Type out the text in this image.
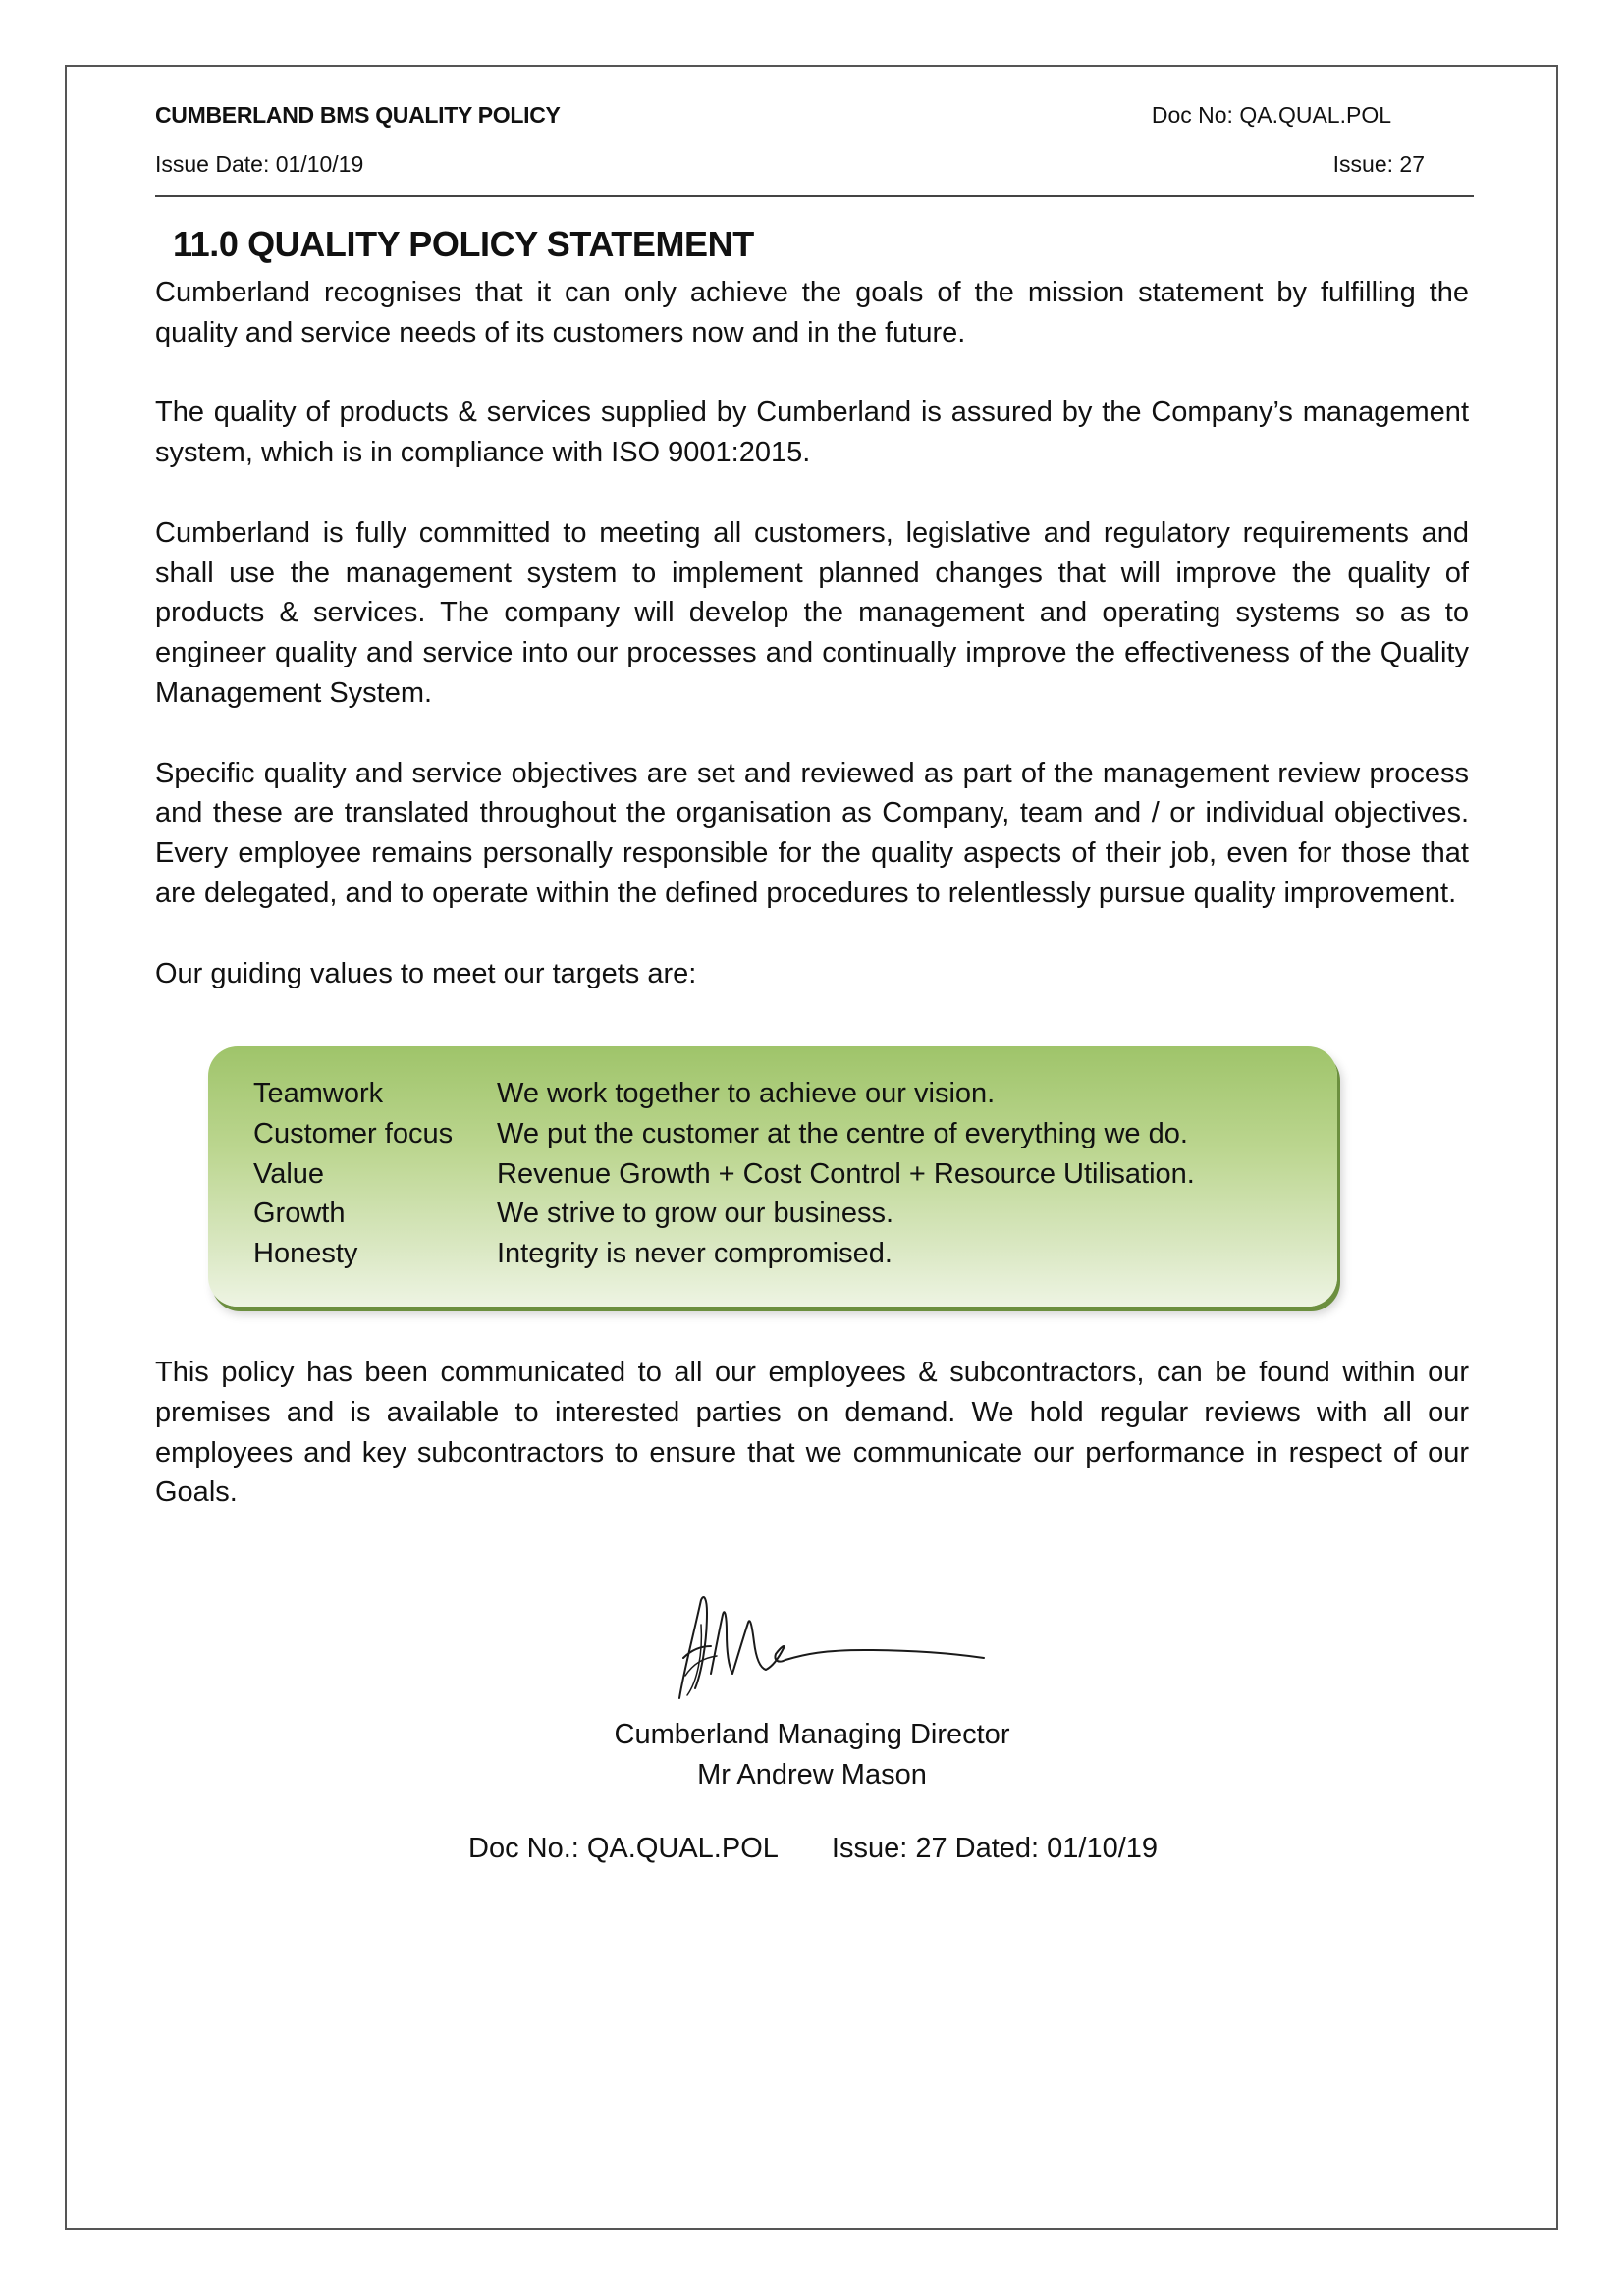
CUMBERLAND BMS QUALITY POLICY	Doc No: QA.QUAL.POL
Issue Date: 01/10/19	Issue: 27
11.0 QUALITY POLICY STATEMENT

Cumberland recognises that it can only achieve the goals of the mission statement by fulfilling the quality and service needs of its customers now and in the future.

The quality of products & services supplied by Cumberland is assured by the Company’s management system, which is in compliance with ISO 9001:2015.

Cumberland is fully committed to meeting all customers, legislative and regulatory requirements and shall use the management system to implement planned changes that will improve the quality of products & services. The company will develop the management and operating systems so as to engineer quality and service into our processes and continually improve the effectiveness of the Quality Management System.

Specific quality and service objectives are set and reviewed as part of the management review process and these are translated throughout the organisation as Company, team and / or individual objectives. Every employee remains personally responsible for the quality aspects of their job, even for those that are delegated, and to operate within the defined procedures to relentlessly pursue quality improvement.

Our guiding values to meet our targets are:

Teamwork	We work together to achieve our vision.
Customer focus	We put the customer at the centre of everything we do.
Value	Revenue Growth + Cost Control + Resource Utilisation.
Growth	We strive to grow our business.
Honesty	Integrity is never compromised.

This policy has been communicated to all our employees & subcontractors, can be found within our premises and is available to interested parties on demand. We hold regular reviews with all our employees and key subcontractors to ensure that we communicate our performance in respect of our Goals.

Cumberland Managing Director
Mr Andrew Mason
Doc No.: QA.QUAL.POL Issue: 27 Dated: 01/10/19
